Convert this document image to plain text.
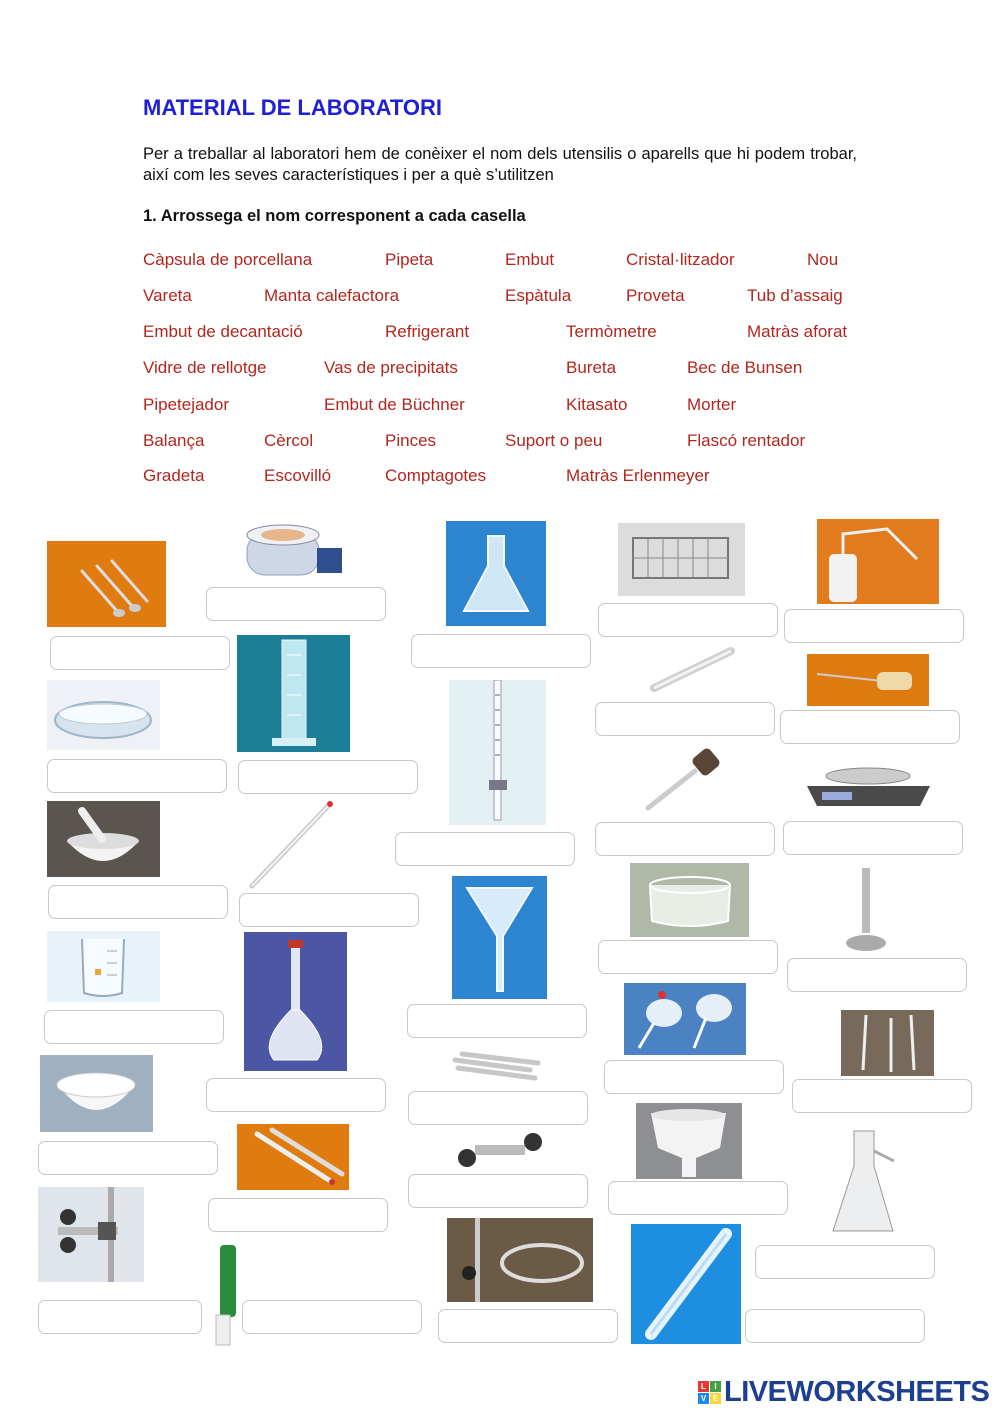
MATERIAL DE LABORATORI
Per a treballar al laboratori hem de conèixer el nom dels utensilis o aparells que hi podem trobar, així com les seves característiques i per a què s’utilitzen
1. Arrossega el nom corresponent a cada casella
Càpsula de porcellana	Pipeta	Embut	Cristal·litzador	Nou
Vareta	Manta calefactora	Espàtula	Proveta	Tub d’assaig
Embut de decantació	Refrigerant	Termòmetre	Matràs aforat
Vidre de rellotge	Vas de precipitats	Bureta	Bec de Bunsen
Pipetejador	Embut de Büchner	Kitasato	Morter
Balança	Cèrcol	Pinces	Suport o peu	Flascó rentador
Gradeta	Escovilló	Comptagotes	Matràs Erlenmeyer
L	I
V E LIVEWORKSHEETS
